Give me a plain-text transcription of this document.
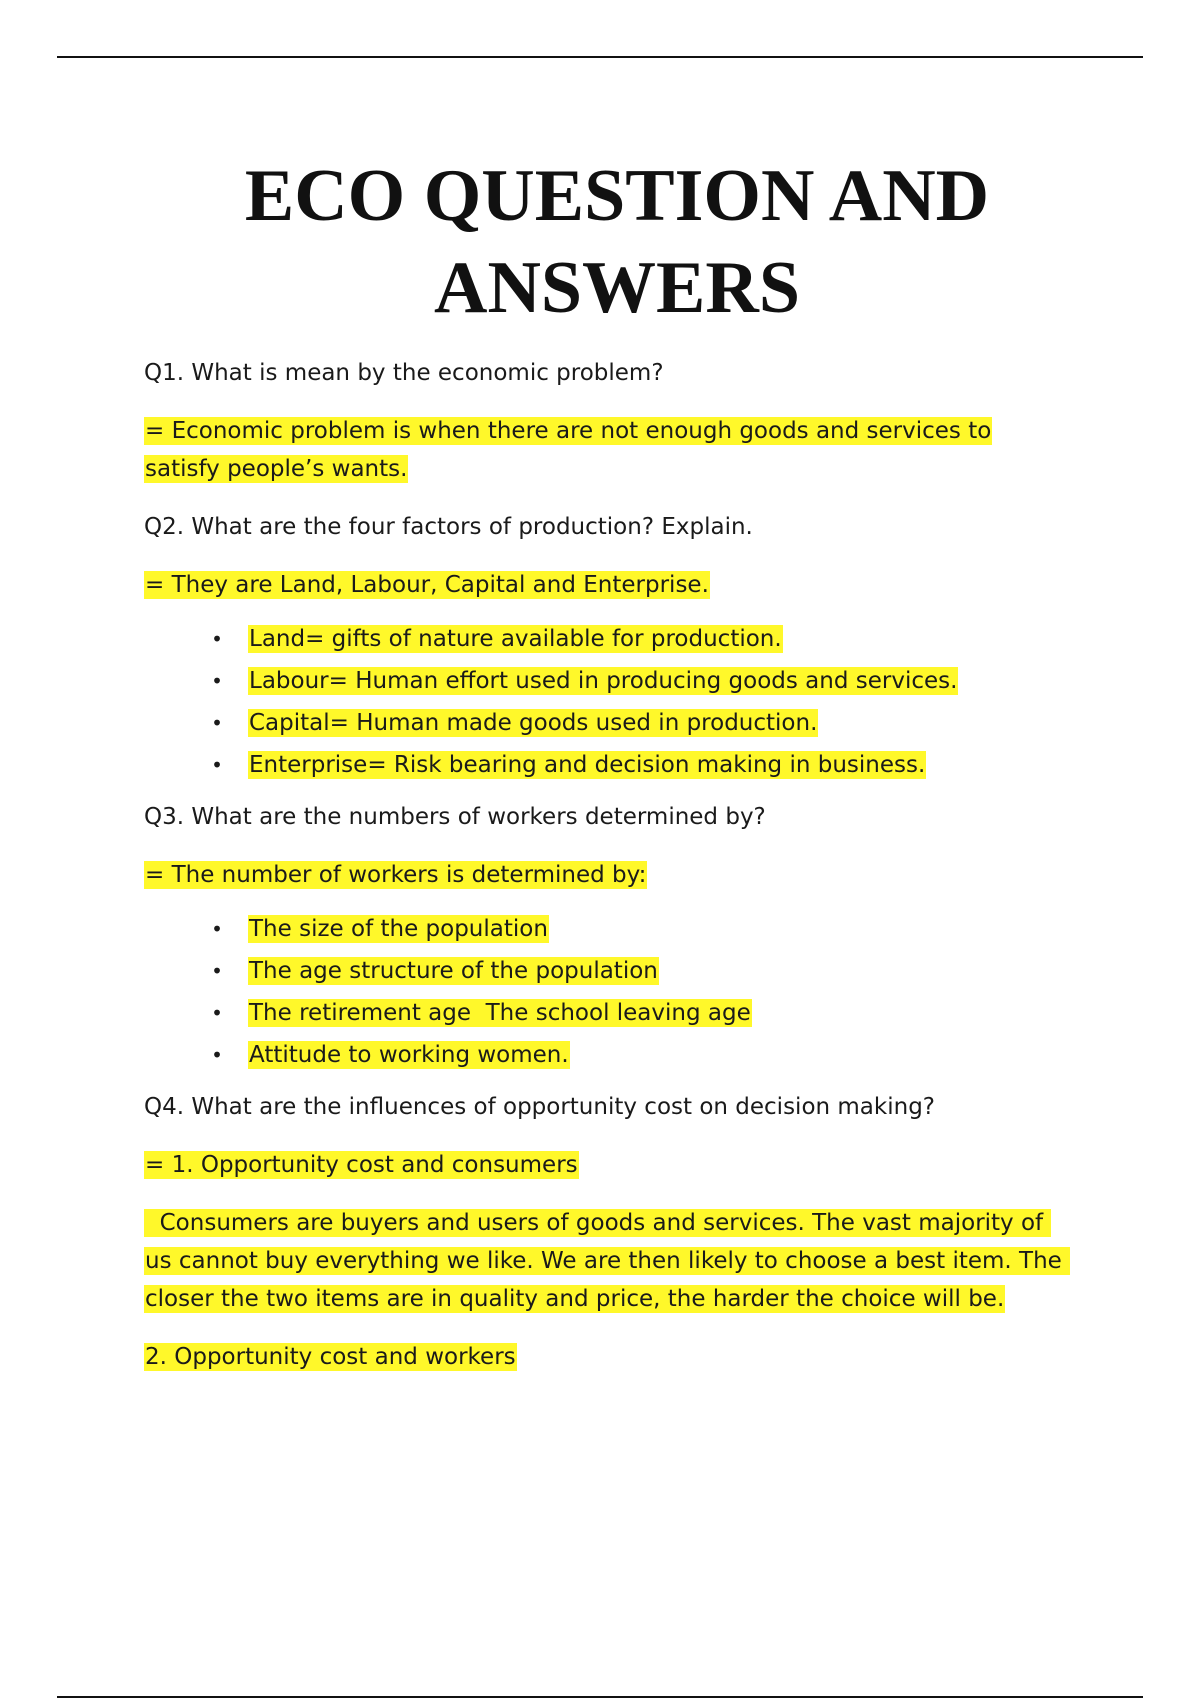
ECO QUESTION AND
ANSWERS

Q1. What is mean by the economic problem?

= Economic problem is when there are not enough goods and services to satisfy people’s wants.

Q2. What are the four factors of production? Explain.

= They are Land, Labour, Capital and Enterprise.

• Land= gifts of nature available for production.
• Labour= Human effort used in producing goods and services.
• Capital= Human made goods used in production.
• Enterprise= Risk bearing and decision making in business.

Q3. What are the numbers of workers determined by?

= The number of workers is determined by:

• The size of the population
• The age structure of the population
• The retirement age  The school leaving age
• Attitude to working women.

Q4. What are the influences of opportunity cost on decision making?

= 1. Opportunity cost and consumers

Consumers are buyers and users of goods and services. The vast majority of us cannot buy everything we like. We are then likely to choose a best item. The closer the two items are in quality and price, the harder the choice will be.

2. Opportunity cost and workers
